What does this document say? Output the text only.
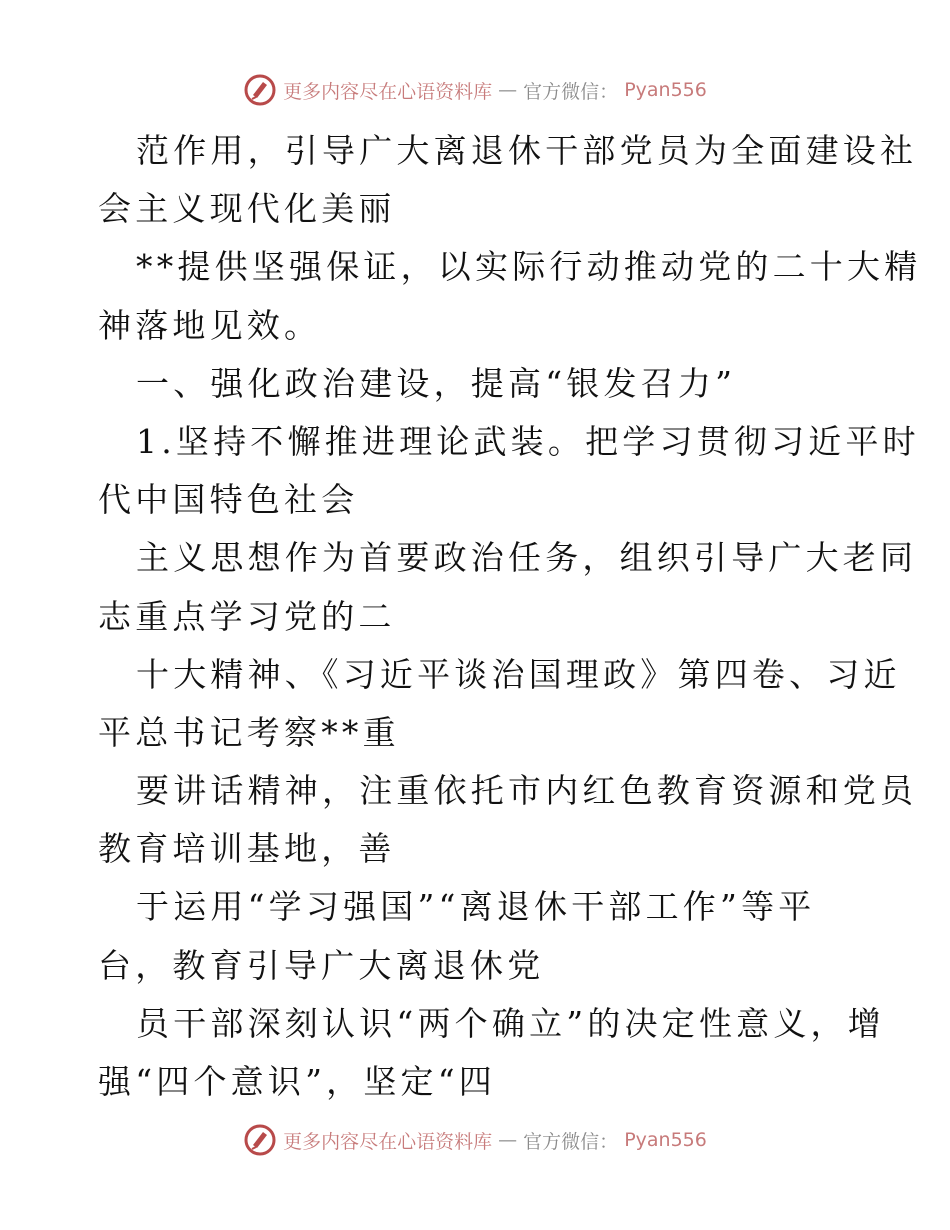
更多内容尽在心语资料库 — 官方微信： Pyan556
范作用，引导广大离退休干部党员为全面建设社
会主义现代化美丽
**提供坚强保证，以实际行动推动党的二十大精
神落地见效。
一、强化政治建设，提高“银发召力”
1.坚持不懈推进理论武装。把学习贯彻习近平时
代中国特色社会
主义思想作为首要政治任务，组织引导广大老同
志重点学习党的二
十大精神、《习近平谈治国理政》第四卷、习近
平总书记考察**重
要讲话精神，注重依托市内红色教育资源和党员
教育培训基地，善
于运用“学习强国”“离退休干部工作”等平
台，教育引导广大离退休党
员干部深刻认识“两个确立”的决定性意义，增
强“四个意识”，坚定“四
更多内容尽在心语资料库 — 官方微信： Pyan556
